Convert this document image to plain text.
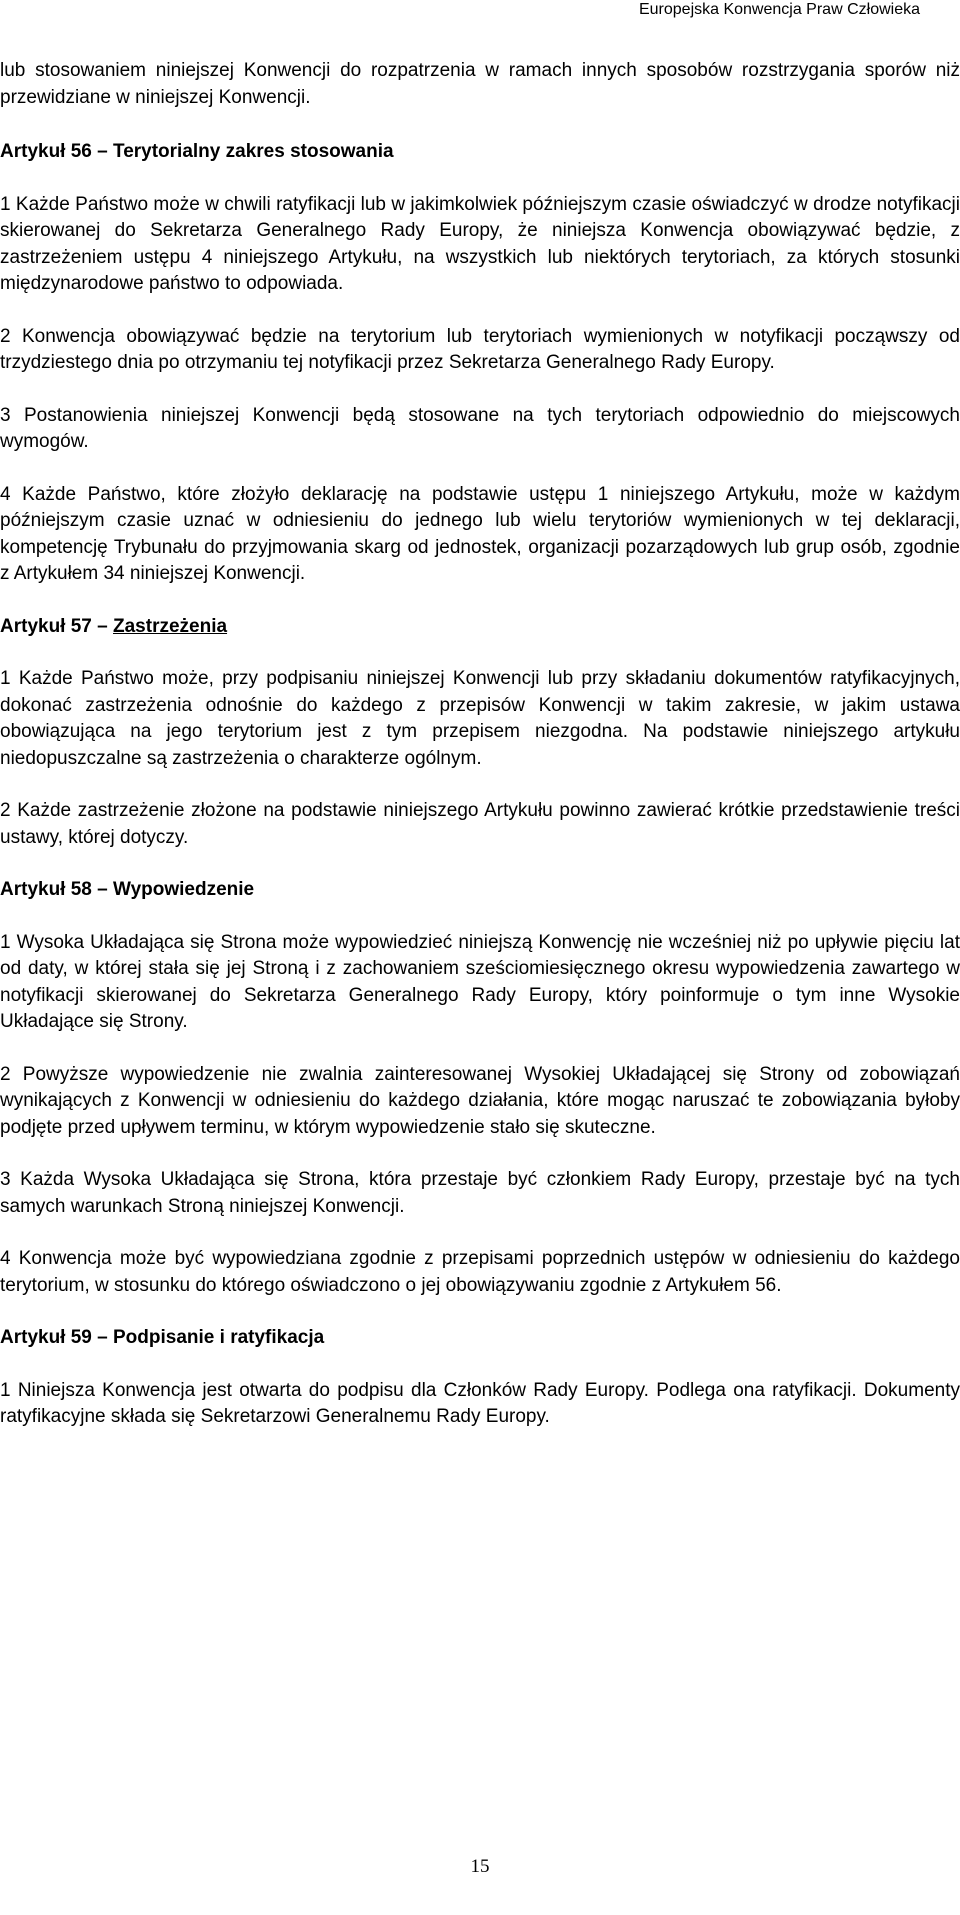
Europejska Konwencja Praw Człowieka

lub stosowaniem niniejszej Konwencji do rozpatrzenia w ramach innych sposobów rozstrzygania sporów niż przewidziane w niniejszej Konwencji.

Artykuł 56 – Terytorialny zakres stosowania

1 Każde Państwo może w chwili ratyfikacji lub w jakimkolwiek późniejszym czasie oświadczyć w drodze notyfikacji skierowanej do Sekretarza Generalnego Rady Europy, że niniejsza Konwencja obowiązywać będzie, z zastrzeżeniem ustępu 4 niniejszego Artykułu, na wszystkich lub niektórych terytoriach, za których stosunki międzynarodowe państwo to odpowiada.

2 Konwencja obowiązywać będzie na terytorium lub terytoriach wymienionych w notyfikacji począwszy od trzydziestego dnia po otrzymaniu tej notyfikacji przez Sekretarza Generalnego Rady Europy.

3 Postanowienia niniejszej Konwencji będą stosowane na tych terytoriach odpowiednio do miejscowych wymogów.

4 Każde Państwo, które złożyło deklarację na podstawie ustępu 1 niniejszego Artykułu, może w każdym późniejszym czasie uznać w odniesieniu do jednego lub wielu terytoriów wymienionych w tej deklaracji, kompetencję Trybunału do przyjmowania skarg od jednostek, organizacji pozarządowych lub grup osób, zgodnie z Artykułem 34 niniejszej Konwencji.

Artykuł 57 – Zastrzeżenia

1 Każde Państwo może, przy podpisaniu niniejszej Konwencji lub przy składaniu dokumentów ratyfikacyjnych, dokonać zastrzeżenia odnośnie do każdego z przepisów Konwencji w takim zakresie, w jakim ustawa obowiązująca na jego terytorium jest z tym przepisem niezgodna. Na podstawie niniejszego artykułu niedopuszczalne są zastrzeżenia o charakterze ogólnym.

2 Każde zastrzeżenie złożone na podstawie niniejszego Artykułu powinno zawierać krótkie przedstawienie treści ustawy, której dotyczy.

Artykuł 58 – Wypowiedzenie

1 Wysoka Układająca się Strona może wypowiedzieć niniejszą Konwencję nie wcześniej niż po upływie pięciu lat od daty, w której stała się jej Stroną i z zachowaniem sześciomiesięcznego okresu wypowiedzenia zawartego w notyfikacji skierowanej do Sekretarza Generalnego Rady Europy, który poinformuje o tym inne Wysokie Układające się Strony.

2 Powyższe wypowiedzenie nie zwalnia zainteresowanej Wysokiej Układającej się Strony od zobowiązań wynikających z Konwencji w odniesieniu do każdego działania, które mogąc naruszać te zobowiązania byłoby podjęte przed upływem terminu, w którym wypowiedzenie stało się skuteczne.

3 Każda Wysoka Układająca się Strona, która przestaje być członkiem Rady Europy, przestaje być na tych samych warunkach Stroną niniejszej Konwencji.

4 Konwencja może być wypowiedziana zgodnie z przepisami poprzednich ustępów w odniesieniu do każdego terytorium, w stosunku do którego oświadczono o jej obowiązywaniu zgodnie z Artykułem 56.

Artykuł 59 – Podpisanie i ratyfikacja

1 Niniejsza Konwencja jest otwarta do podpisu dla Członków Rady Europy. Podlega ona ratyfikacji. Dokumenty ratyfikacyjne składa się Sekretarzowi Generalnemu Rady Europy.

15
